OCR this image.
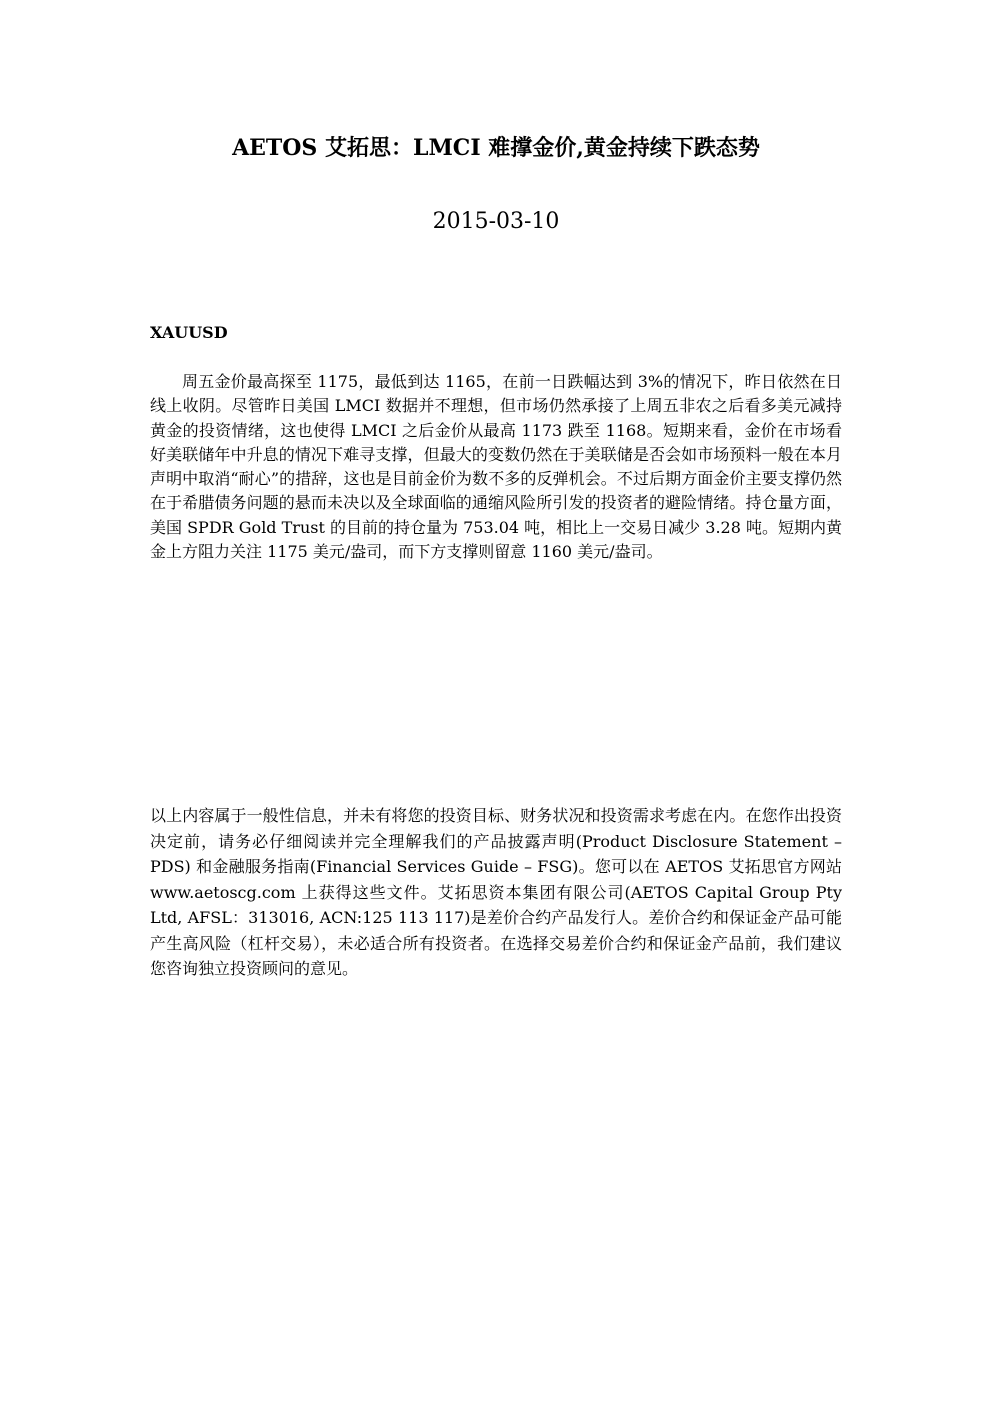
AETOS 艾拓思：LMCI 难撑金价,黄金持续下跌态势
2015-03-10
XAUUSD

周五金价最高探至 1175，最低到达 1165，在前一日跌幅达到 3%的情况下，昨日依然在日线上收阴。尽管昨日美国 LMCI 数据并不理想，但市场仍然承接了上周五非农之后看多美元减持黄金的投资情绪，这也使得 LMCI 之后金价从最高 1173 跌至 1168。短期来看，金价在市场看好美联储年中升息的情况下难寻支撑，但最大的变数仍然在于美联储是否会如市场预料一般在本月声明中取消“耐心”的措辞，这也是目前金价为数不多的反弹机会。不过后期方面金价主要支撑仍然在于希腊债务问题的悬而未决以及全球面临的通缩风险所引发的投资者的避险情绪。持仓量方面，美国 SPDR Gold Trust 的目前的持仓量为 753.04 吨，相比上一交易日减少 3.28 吨。短期内黄金上方阻力关注 1175 美元/盎司，而下方支撑则留意 1160 美元/盎司。

以上内容属于一般性信息，并未有将您的投资目标、财务状况和投资需求考虑在内。在您作出投资决定前，请务必仔细阅读并完全理解我们的产品披露声明(Product Disclosure Statement – PDS) 和金融服务指南(Financial Services Guide – FSG)。您可以在 AETOS 艾拓思官方网站 www.aetoscg.com 上获得这些文件。艾拓思资本集团有限公司(AETOS Capital Group Pty Ltd, AFSL：313016, ACN:125 113 117)是差价合约产品发行人。差价合约和保证金产品可能产生高风险（杠杆交易），未必适合所有投资者。在选择交易差价合约和保证金产品前，我们建议您咨询独立投资顾问的意见。
